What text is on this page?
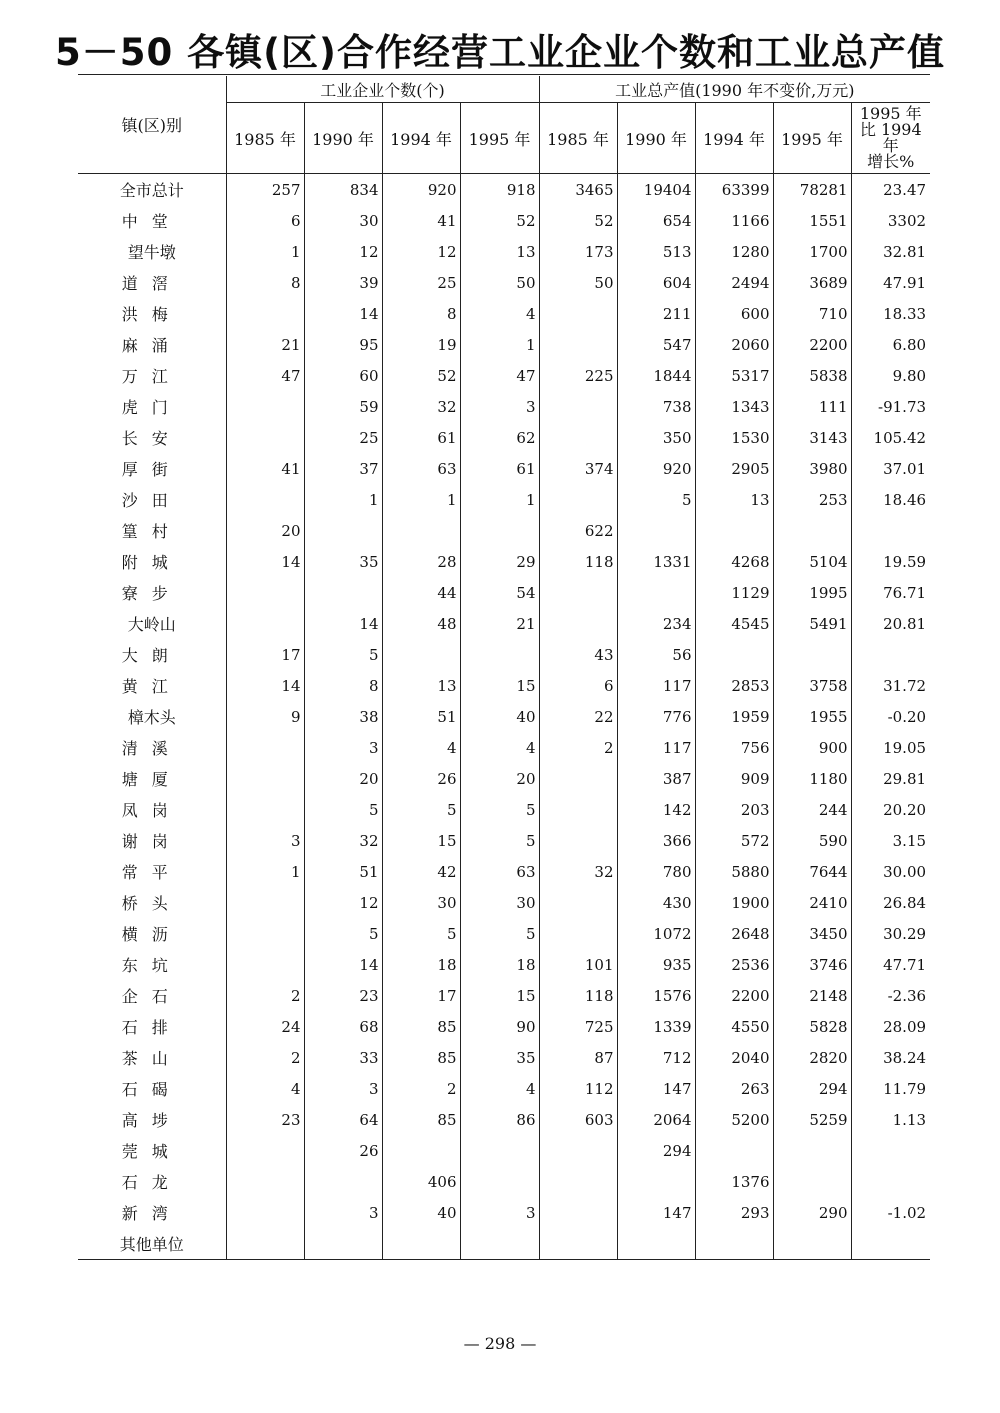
5－50 各镇(区)合作经营工业企业个数和工业总产值
镇(区)别	工业企业个数(个)				工业总产值(1990 年不变价,万元)				
	1985 年	1990 年	1994 年	1995 年	1985 年	1990 年	1994 年	1995 年	1995 年
比 1994 年
增长%

全市总计	257	834	920	918	3465	19404	63399	78281	23.47
中堂	6	30	41	52	52	654	1166	1551	3302
望牛墩	1	12	12	13	173	513	1280	1700	32.81
道滘	8	39	25	50	50	604	2494	3689	47.91
洪梅		14	8	4		211	600	710	18.33
麻涌	21	95	19	1		547	2060	2200	6.80
万江	47	60	52	47	225	1844	5317	5838	9.80
虎门		59	32	3		738	1343	111	-91.73
长安		25	61	62		350	1530	3143	105.42
厚街	41	37	63	61	374	920	2905	3980	37.01
沙田		1	1	1		5	13	253	18.46
篁村	20				622				
附城	14	35	28	29	118	1331	4268	5104	19.59
寮步			44	54			1129	1995	76.71
大岭山		14	48	21		234	4545	5491	20.81
大朗	17	5			43	56			
黄江	14	8	13	15	6	117	2853	3758	31.72
樟木头	9	38	51	40	22	776	1959	1955	-0.20
清溪		3	4	4	2	117	756	900	19.05
塘厦		20	26	20		387	909	1180	29.81
凤岗		5	5	5		142	203	244	20.20
谢岗	3	32	15	5		366	572	590	3.15
常平	1	51	42	63	32	780	5880	7644	30.00
桥头		12	30	30		430	1900	2410	26.84
横沥		5	5	5		1072	2648	3450	30.29
东坑		14	18	18	101	935	2536	3746	47.71
企石	2	23	17	15	118	1576	2200	2148	-2.36
石排	24	68	85	90	725	1339	4550	5828	28.09
茶山	2	33	85	35	87	712	2040	2820	38.24
石碣	4	3	2	4	112	147	263	294	11.79
高埗	23	64	85	86	603	2064	5200	5259	1.13
莞城		26				294			
石龙			406				1376		
新湾		3	40	3		147	293	290	-1.02
其他单位									
— 298 —
